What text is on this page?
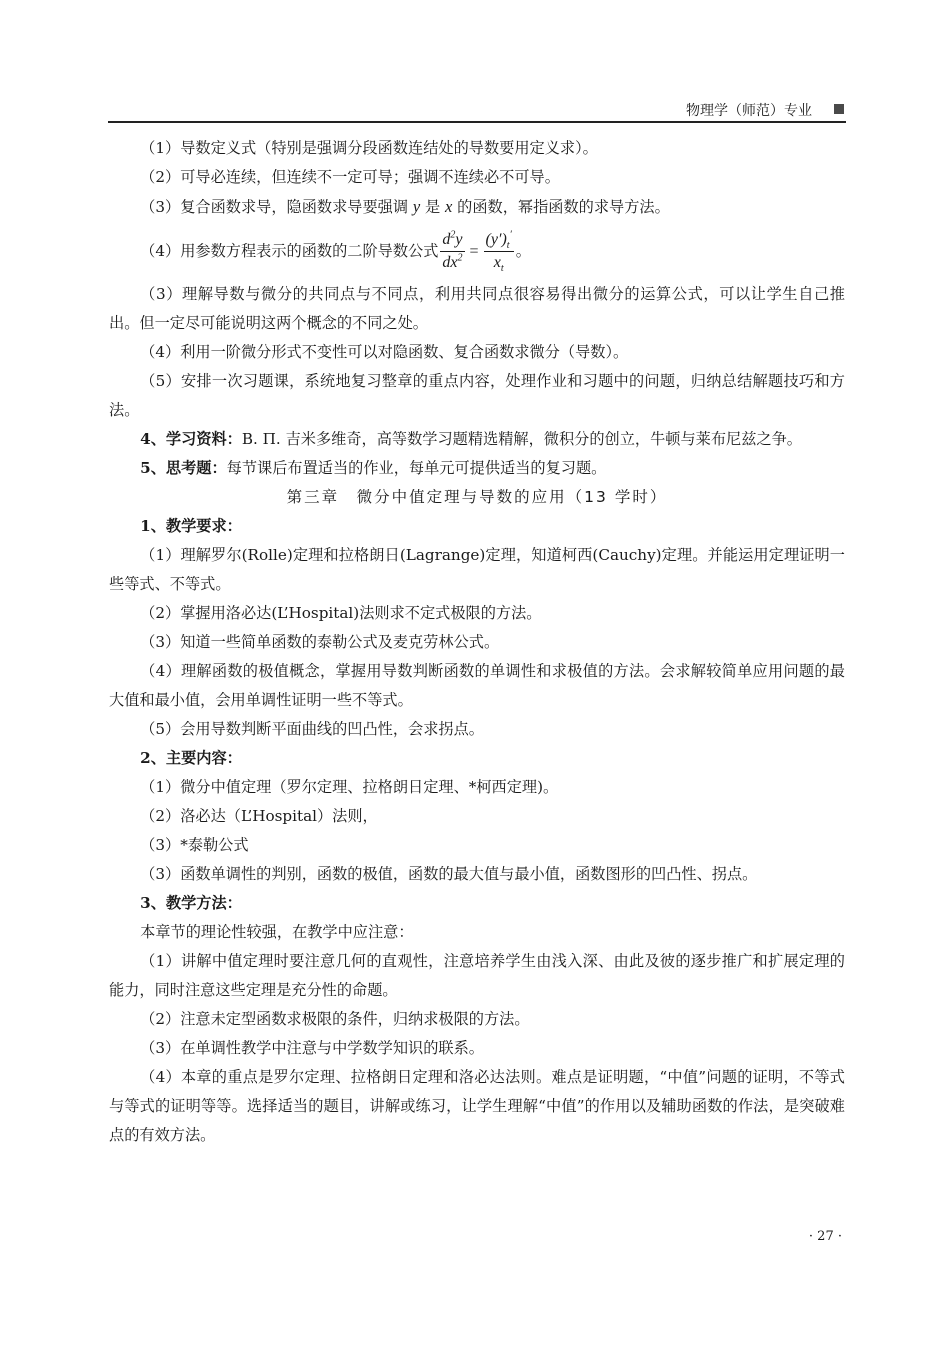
物理学（师范）专业

（1）导数定义式（特别是强调分段函数连结处的导数要用定义求）。

（2）可导必连续，但连续不一定可导；强调不连续必不可导。

（3）复合函数求导，隐函数求导要强调 y 是 x 的函数，幂指函数的求导方法。

（4）用参数方程表示的函数的二阶导数公式 $\frac{d^2y}{dx^2} = \frac{(y')_t'}{x_t}$ 。

（3）理解导数与微分的共同点与不同点，利用共同点很容易得出微分的运算公式，可以让学生自己推出。但一定尽可能说明这两个概念的不同之处。

（4）利用一阶微分形式不变性可以对隐函数、复合函数求微分（导数）。

（5）安排一次习题课，系统地复习整章的重点内容，处理作业和习题中的问题，归纳总结解题技巧和方法。

4、学习资料：B. П. 吉米多维奇，高等数学习题精选精解，微积分的创立，牛顿与莱布尼兹之争。

5、思考题：每节课后布置适当的作业，每单元可提供适当的复习题。

第三章　微分中值定理与导数的应用（13 学时）

1、教学要求：

（1）理解罗尔(Rolle)定理和拉格朗日(Lagrange)定理，知道柯西(Cauchy)定理。并能运用定理证明一些等式、不等式。

（2）掌握用洛必达(L’Hospital)法则求不定式极限的方法。

（3）知道一些简单函数的泰勒公式及麦克劳林公式。

（4）理解函数的极值概念，掌握用导数判断函数的单调性和求极值的方法。会求解较简单应用问题的最大值和最小值，会用单调性证明一些不等式。

（5）会用导数判断平面曲线的凹凸性，会求拐点。

2、主要内容：

（1）微分中值定理（罗尔定理、拉格朗日定理、*柯西定理)。

（2）洛必达（L’Hospital）法则，

（3）*泰勒公式

（3）函数单调性的判别，函数的极值，函数的最大值与最小值，函数图形的凹凸性、拐点。

3、教学方法：

本章节的理论性较强，在教学中应注意：

（1）讲解中值定理时要注意几何的直观性，注意培养学生由浅入深、由此及彼的逐步推广和扩展定理的能力，同时注意这些定理是充分性的命题。

（2）注意未定型函数求极限的条件，归纳求极限的方法。

（3）在单调性教学中注意与中学数学知识的联系。

（4）本章的重点是罗尔定理、拉格朗日定理和洛必达法则。难点是证明题，“中值”问题的证明，不等式与等式的证明等等。选择适当的题目，讲解或练习，让学生理解“中值”的作用以及辅助函数的作法，是突破难点的有效方法。

· 27 ·
